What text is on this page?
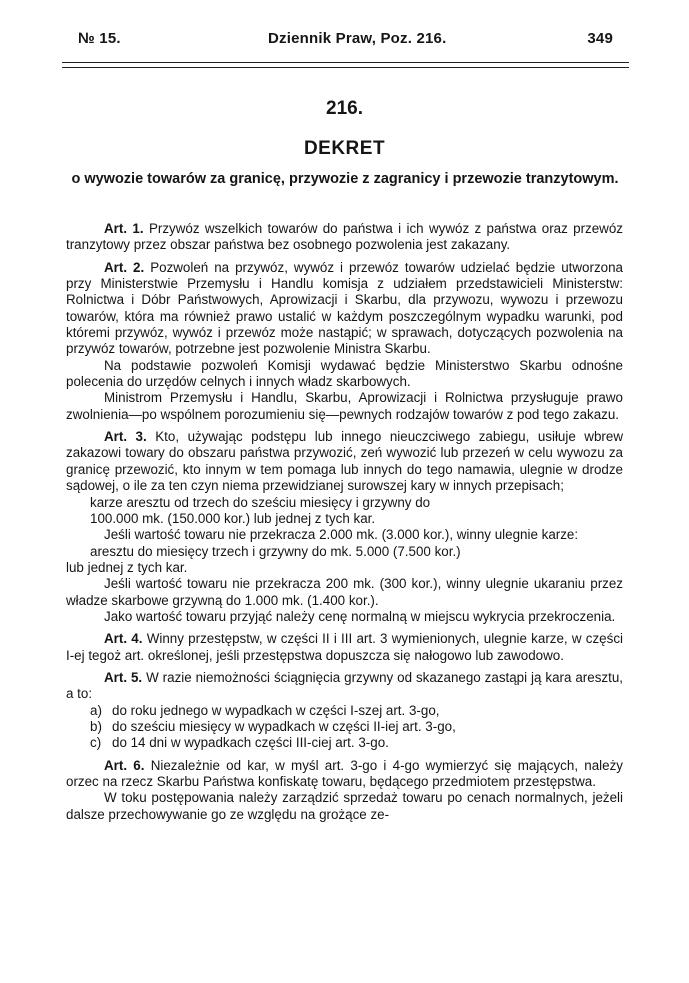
№ 15.	Dziennik Praw, Poz. 216.	349
216.
DEKRET
o wywozie towarów za granicę, przywozie z zagranicy i przewozie tranzytowym.

Art. 1. Przywóz wszelkich towarów do państwa i ich wywóz z państwa oraz przewóz tranzytowy przez obszar państwa bez osobnego pozwolenia jest zakazany.

Art. 2. Pozwoleń na przywóz, wywóz i przewóz towarów udzielać będzie utworzona przy Ministerstwie Przemysłu i Handlu komisja z udziałem przedstawicieli Ministerstw: Rolnictwa i Dóbr Państwowych, Aprowizacji i Skarbu, dla przywozu, wywozu i przewozu towarów, która ma również prawo ustalić w każdym poszczególnym wypadku warunki, pod któremi przywóz, wywóz i przewóz może nastąpić; w sprawach, dotyczących pozwolenia na przywóz towarów, potrzebne jest pozwolenie Ministra Skarbu.

Na podstawie pozwoleń Komisji wydawać będzie Ministerstwo Skarbu odnośne polecenia do urzędów celnych i innych władz skarbowych.

Ministrom Przemysłu i Handlu, Skarbu, Aprowizacji i Rolnictwa przysługuje prawo zwolnienia—po wspólnem porozumieniu się—pewnych rodzajów towarów z pod tego zakazu.

Art. 3. Kto, używając podstępu lub innego nieuczciwego zabiegu, usiłuje wbrew zakazowi towary do obszaru państwa przywozić, zeń wywozić lub przezeń w celu wywozu za granicę przewozić, kto innym w tem pomaga lub innych do tego namawia, ulegnie w drodze sądowej, o ile za ten czyn niema przewidzianej surowszej kary w innych przepisach;

karze aresztu od trzech do sześciu miesięcy i grzywny do

100.000 mk. (150.000 kor.) lub jednej z tych kar.

Jeśli wartość towaru nie przekracza 2.000 mk. (3.000 kor.), winny ulegnie karze:

aresztu do miesięcy trzech i grzywny do mk. 5.000 (7.500 kor.)

lub jednej z tych kar.

Jeśli wartość towaru nie przekracza 200 mk. (300 kor.), winny ulegnie ukaraniu przez władze skarbowe grzywną do 1.000 mk. (1.400 kor.).

Jako wartość towaru przyjąć należy cenę normalną w miejscu wykrycia przekroczenia.

Art. 4. Winny przestępstw, w części II i III art. 3 wymienionych, ulegnie karze, w części I-ej tegoż art. określonej, jeśli przestępstwa dopuszcza się nałogowo lub zawodowo.

Art. 5. W razie niemożności ściągnięcia grzywny od skazanego zastąpi ją kara aresztu, a to:

a) do roku jednego w wypadkach w części I-szej art. 3-go,

b) do sześciu miesięcy w wypadkach w części II-iej art. 3-go,

c) do 14 dni w wypadkach części III-ciej art. 3-go.

Art. 6. Niezależnie od kar, w myśl art. 3-go i 4-go wymierzyć się mających, należy orzec na rzecz Skarbu Państwa konfiskatę towaru, będącego przedmiotem przestępstwa.

W toku postępowania należy zarządzić sprzedaż towaru po cenach normalnych, jeżeli dalsze przechowywanie go ze względu na grożące ze-
